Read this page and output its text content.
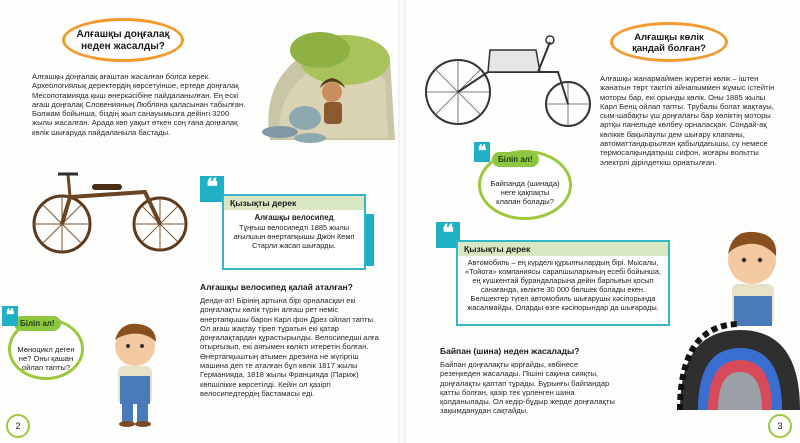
Алғашқы доңғалақ
неден жасалды?
Алғашқы доңғалақ ағаштан жасалған болса керек. Археологиялық деректердің көрсетуінше, ертеде доңғалақ Месопотамияда қыш өнеркәсібіне пайдаланылған. Ең ескі ағаш доңғалақ Словенияның Любляна қаласынан табылған. Болжам бойынша, біздің жыл санауымызға дейінгі 3200 жылы жасалған. Арада көп уақыт өткен соң ғана доңғалақ көлік шығаруда пайдаланыла бастады.
❝
Қызықты дерек
Алғашқы велосипед
Тұңғыш велосипедті 1885 жылы ағылшын өнертапқышы Джон Кемп Старли жасап шығарды.
Алғашқы велосипед қалай аталған?
Денди-ат! Бірінің артына бірі орналасқан екі доңғалақты көлік түрін алғаш рет неміс өнертапқышы барон Карл фон Дрез ойлап тапты. Ол ағаш жақтау тіреп тұратын екі қатар доңғалақтардан құрастырылды. Велосипедші алға отырғызып, екі аяғымен көлікті итеретін болған. Өнертапқыштың атымен дрезина не жүгіргіш машина деп те аталған бұл көлік 1817 жылы Германияда, 1818 жылы Францияда (Париж) көпшілікке көрсетілді. Кейін ол қазіргі велосипедтердің бастамасы еді.
Мөноцикл деген не? Оны қашан ойлап тапты?
Біліп ал!
❝
2
Алғашқы көлік
қандай болған?
Алғашқы жанармаймен жүретін көлік – іштен жанатын төрт тактілі айналыммен жұмыс істейтін моторы бар, екі орынды көлік. Оны 1885 жылы Карл Бенц ойлап тапты. Трубалы болат жақтауы, сым-шабақты үш доңғалағы бар көліктің моторы артқы панельде көлбеу орналасқан. Сондай-ақ көлікке бақылаулы дем шығару клапаны, автоматтандырылған қабылдағышы, су немесе термосалқындатқыш сифон, жоғары вольтты электрлі дірілдеткіш орнатылған.
Байпанда (шинада) неге қақпақты клапан болады?
Біліп ал!
❝
❝
Қызықты дерек
Автомобиль – ең күрделі құрылғылардың бірі. Мысалы, «Тойота» компаниясы сарапшыларының есебі бойынша, ең күшкентай бурандаларына дейін барлығын қосып санағанда, көлікте 30 000 бөлшек болады екен. Бөлшектер түгел автомобиль шығарушы кәсіпорында жасалмайды. Оларды өзге кәсіпорындар да шығарады.
Байпан (шина) неден жасалады?
Байпан доңғалақты қорғайды, көбінесе резеңкеден жасалады. Пішіні сақина сияқты, доңғалақты қаптап тұрады. Бұрынғы байпандар қатты болған, қазір тек үрленген шина қолданылады. Ол кедір-бұдыр жерде доңғалақты зақымданудан сақтайды.
3
